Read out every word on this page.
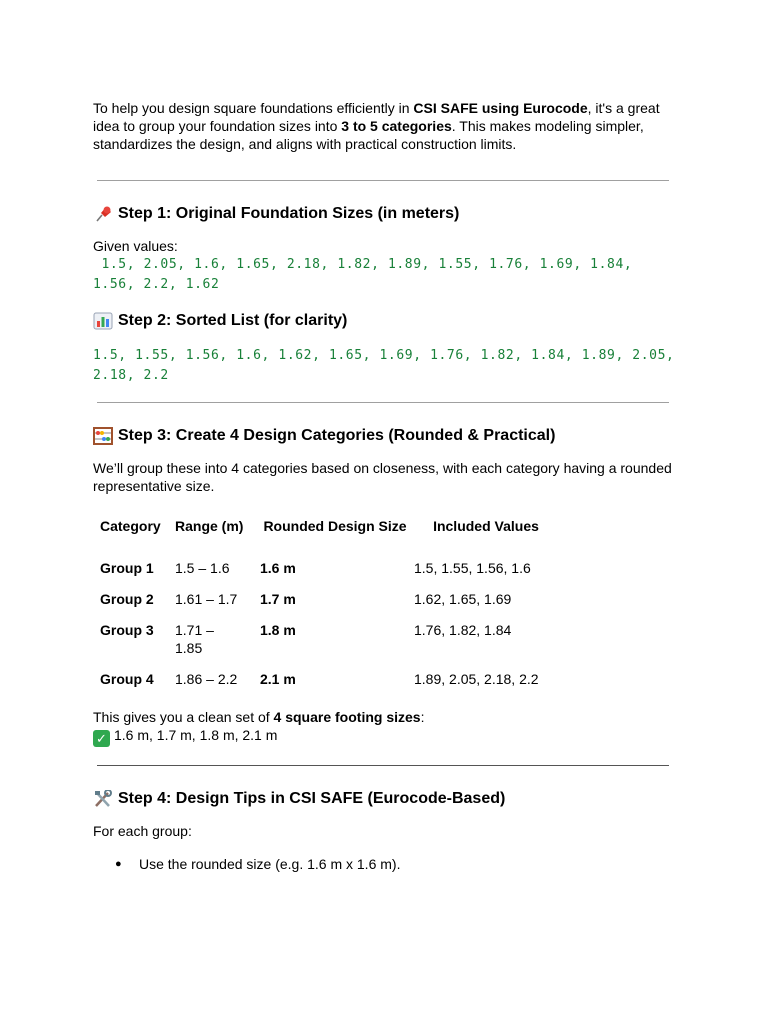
To help you design square foundations efficiently in CSI SAFE using Eurocode, it's a great idea to group your foundation sizes into 3 to 5 categories. This makes modeling simpler, standardizes the design, and aligns with practical construction limits.

Step 1: Original Foundation Sizes (in meters)

Given values:

1.5, 2.05, 1.6, 1.65, 2.18, 1.82, 1.89, 1.55, 1.76, 1.69, 1.84, 1.56, 2.2, 1.62

Step 2: Sorted List (for clarity)

1.5, 1.55, 1.56, 1.6, 1.62, 1.65, 1.69, 1.76, 1.82, 1.84, 1.89, 2.05, 2.18, 2.2

Step 3: Create 4 Design Categories (Rounded & Practical)

We’ll group these into 4 categories based on closeness, with each category having a rounded representative size.

Category	Range (m)	Rounded Design Size	Included Values
Group 1	1.5 – 1.6	1.6 m	1.5, 1.55, 1.56, 1.6
Group 2	1.61 – 1.7	1.7 m	1.62, 1.65, 1.69
Group 3	1.71 – 1.85	1.8 m	1.76, 1.82, 1.84
Group 4	1.86 – 2.2	2.1 m	1.89, 2.05, 2.18, 2.2

This gives you a clean set of 4 square footing sizes:

✓ 1.6 m, 1.7 m, 1.8 m, 2.1 m

Step 4: Design Tips in CSI SAFE (Eurocode-Based)

For each group:

● Use the rounded size (e.g. 1.6 m x 1.6 m).
